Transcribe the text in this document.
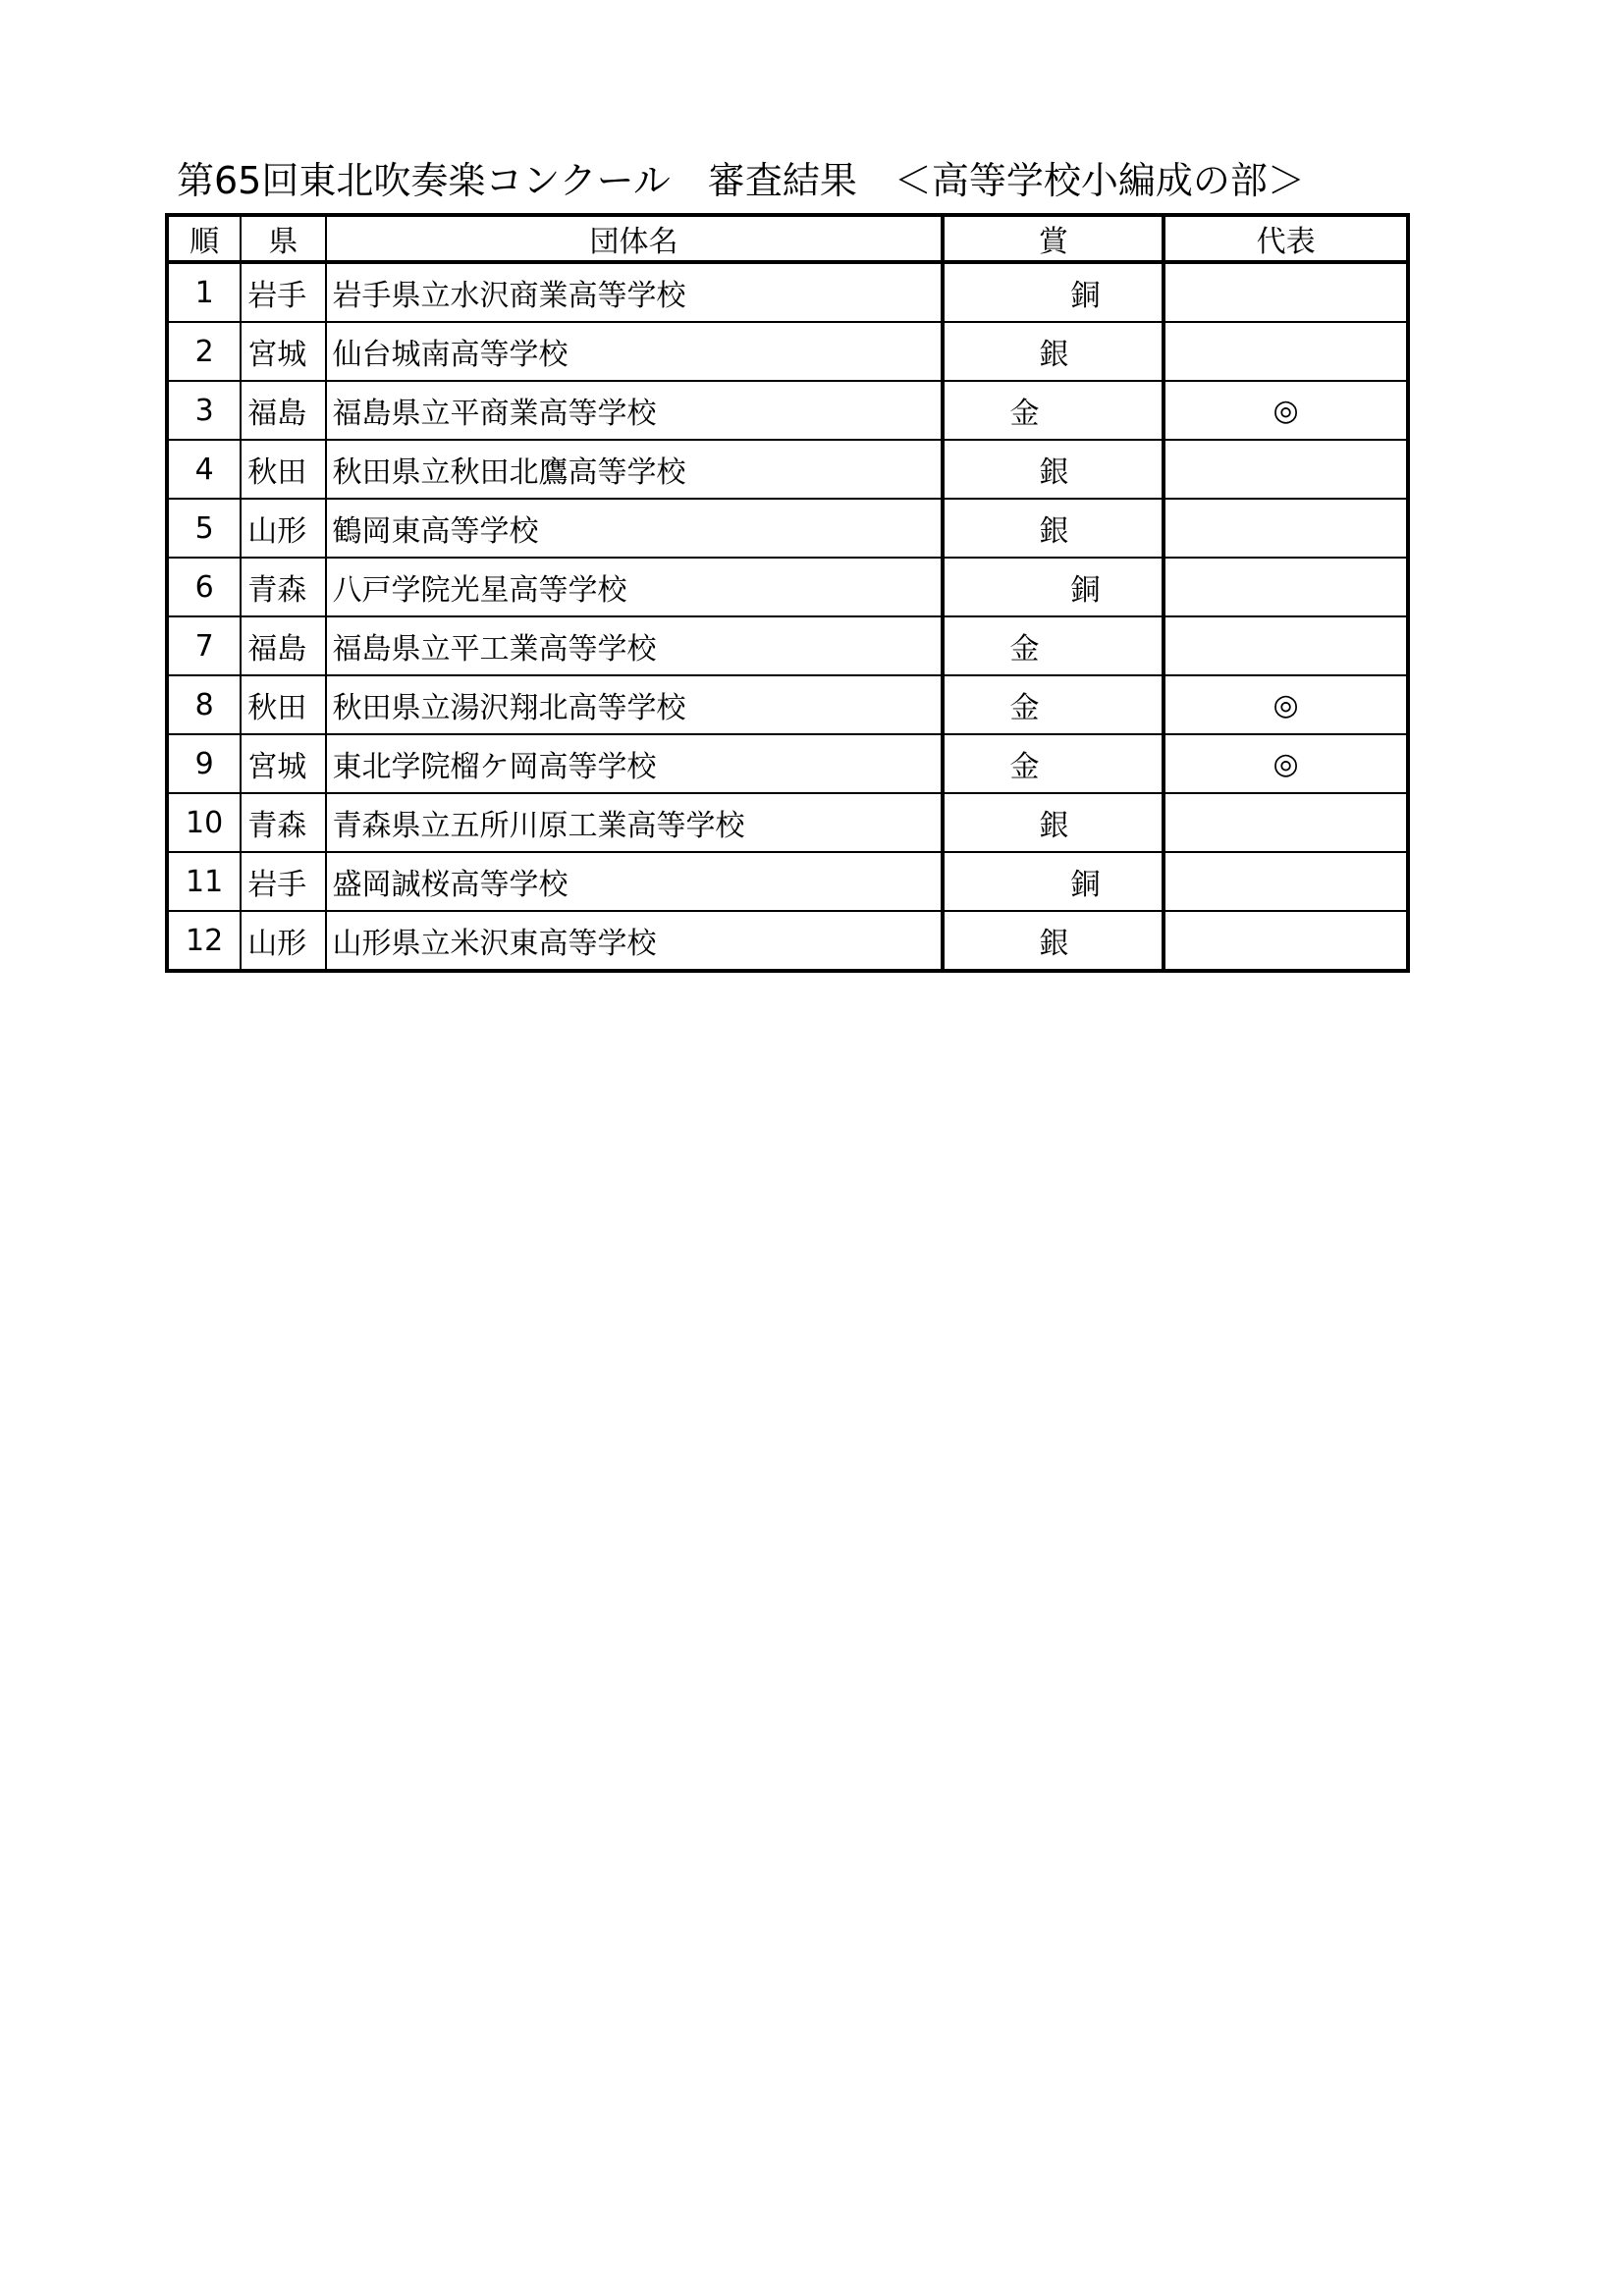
第65回東北吹奏楽コンクール　審査結果　＜高等学校小編成の部＞
順	県	団体名	賞	代表
1	岩手	岩手県立水沢商業高等学校	銅	

2	宮城	仙台城南高等学校	銀	

3	福島	福島県立平商業高等学校	金	◎
4	秋田	秋田県立秋田北鷹高等学校	銀	

5	山形	鶴岡東高等学校	銀	

6	青森	八戸学院光星高等学校	銅	

7	福島	福島県立平工業高等学校	金	

8	秋田	秋田県立湯沢翔北高等学校	金	◎
9	宮城	東北学院榴ケ岡高等学校	金	◎
10	青森	青森県立五所川原工業高等学校	銀	

11	岩手	盛岡誠桜高等学校	銅	

12	山形	山形県立米沢東高等学校	銀	
